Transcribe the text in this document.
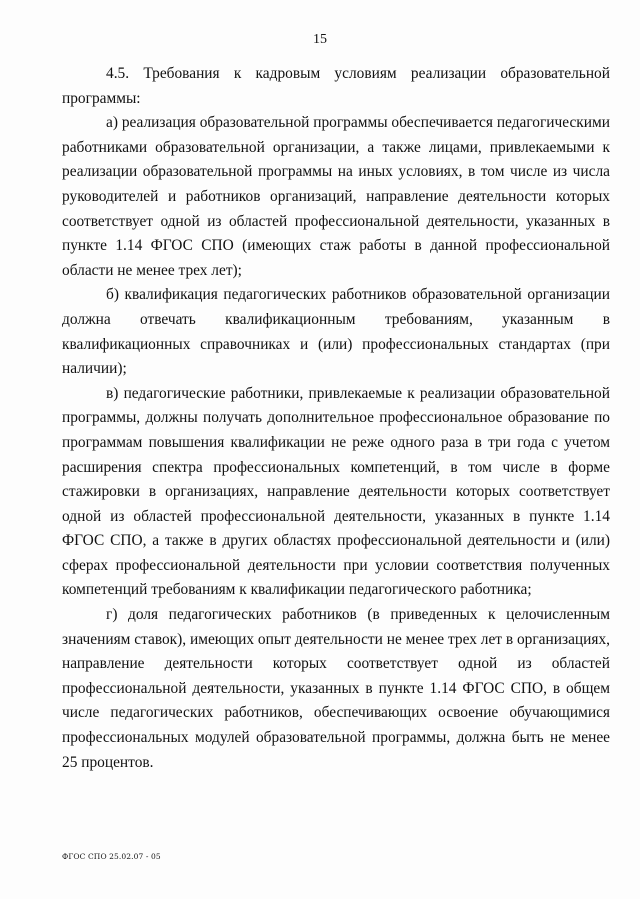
15

4.5. Требования к кадровым условиям реализации образовательной программы:

а) реализация образовательной программы обеспечивается педагогическими работниками образовательной организации, а также лицами, привлекаемыми к реализации образовательной программы на иных условиях, в том числе из числа руководителей и работников организаций, направление деятельности которых соответствует одной из областей профессиональной деятельности, указанных в пункте 1.14 ФГОС СПО (имеющих стаж работы в данной профессиональной области не менее трех лет);

б) квалификация педагогических работников образовательной организации должна отвечать квалификационным требованиям, указанным в квалификационных справочниках и (или) профессиональных стандартах (при наличии);

в) педагогические работники, привлекаемые к реализации образовательной программы, должны получать дополнительное профессиональное образование по программам повышения квалификации не реже одного раза в три года с учетом расширения спектра профессиональных компетенций, в том числе в форме стажировки в организациях, направление деятельности которых соответствует одной из областей профессиональной деятельности, указанных в пункте 1.14 ФГОС СПО, а также в других областях профессиональной деятельности и (или) сферах профессиональной деятельности при условии соответствия полученных компетенций требованиям к квалификации педагогического работника;

г) доля педагогических работников (в приведенных к целочисленным значениям ставок), имеющих опыт деятельности не менее трех лет в организациях, направление деятельности которых соответствует одной из областей профессиональной деятельности, указанных в пункте 1.14 ФГОС СПО, в общем числе педагогических работников, обеспечивающих освоение обучающимися профессиональных модулей образовательной программы, должна быть не менее 25 процентов.

ФГОС СПО 25.02.07 - 05
